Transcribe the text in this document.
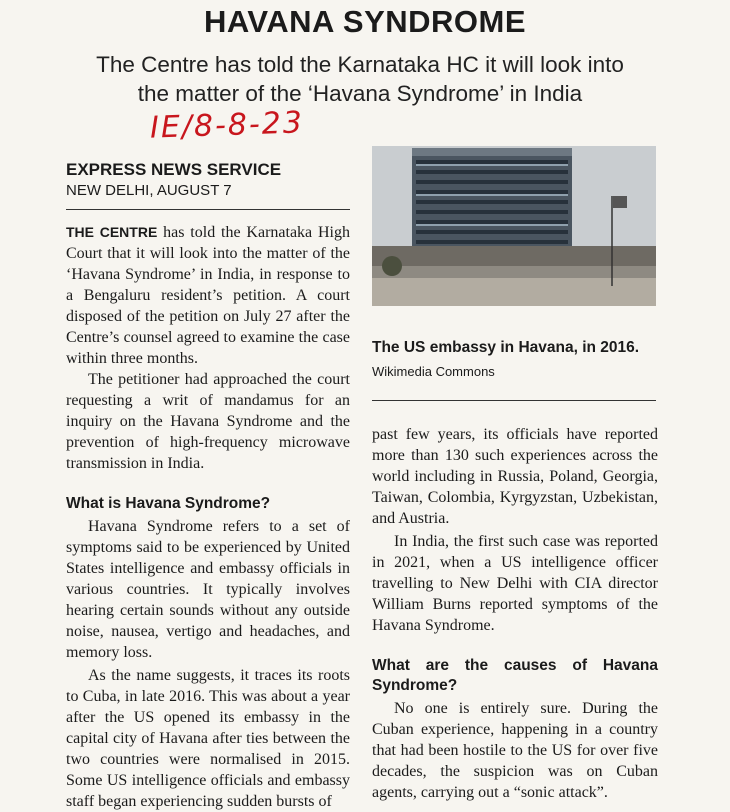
HAVANA SYNDROME
The Centre has told the Karnataka HC it will look into
the matter of the ‘Havana Syndrome’ in India
IE/8-8-23
EXPRESS NEWS SERVICE
NEW DELHI, AUGUST 7

THE CENTRE has told the Karnataka High Court that it will look into the matter of the ‘Havana Syndrome’ in India, in response to a Bengaluru resident’s petition. A court disposed of the petition on July 27 after the Centre’s counsel agreed to examine the case within three months.

The petitioner had approached the court requesting a writ of mandamus for an inquiry on the Havana Syndrome and the prevention of high-frequency microwave transmission in India.

What is Havana Syndrome?

Havana Syndrome refers to a set of symptoms said to be experienced by United States intelligence and embassy officials in various countries. It typically involves hearing certain sounds without any outside noise, nausea, vertigo and headaches, and memory loss.

As the name suggests, it traces its roots to Cuba, in late 2016. This was about a year after the US opened its embassy in the capital city of Havana after ties between the two countries were normalised in 2015. Some US intelligence officials and embassy staff began experiencing sudden bursts of

The US embassy in Havana, in 2016.
Wikimedia Commons

past few years, its officials have reported more than 130 such experiences across the world including in Russia, Poland, Georgia, Taiwan, Colombia, Kyrgyzstan, Uzbekistan, and Austria.

In India, the first such case was reported in 2021, when a US intelligence officer travelling to New Delhi with CIA director William Burns reported symptoms of the Havana Syndrome.

What are the causes of Havana Syndrome?

No one is entirely sure. During the Cuban experience, happening in a country that had been hostile to the US for over five decades, the suspicion was on Cuban agents, carrying out a “sonic attack”.
